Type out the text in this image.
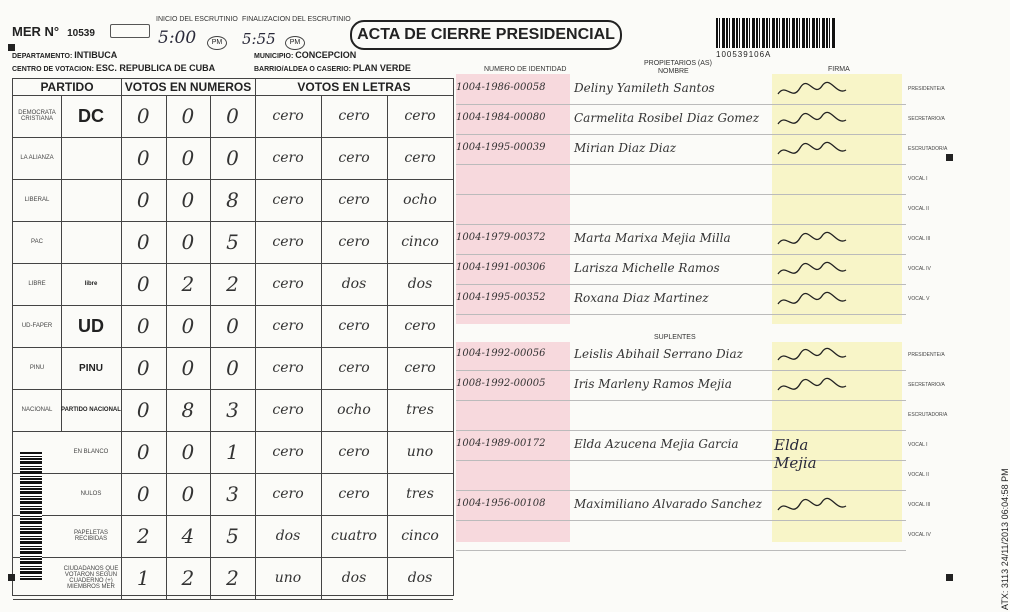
MER N° 10539
INICIO DEL ESCRUTINIO
5:00	PM
FINALIZACION DEL ESCRUTINIO
5:55	PM
DEPARTAMENTO: INTIBUCA	MUNICIPIO: CONCEPCION
CENTRO DE VOTACION: ESC. REPUBLICA DE CUBA	BARRIO/ALDEA O CASERIO: PLAN VERDE
ACTA DE CIERRE PRESIDENCIAL
100539106A
PARTIDO	VOTOS EN NUMEROS	VOTOS EN LETRAS
DEMOCRATA CRISTIANA	DC 0 0 0 cero cero cero
LA ALIANZA	0 0 0 cero cero cero
LIBERAL	0 0 8 cero cero ocho
PAC	0 0 5 cero cero cinco
LIBRE	libre 0 2 2 cero	dos	dos
UD-FAPER UD 0 0 0 cero cero cero
PINU	PINU 0 0 0 cero cero cero
NACIONAL PARTIDO NACIONAL 0 8 3 cero ocho	tres
EN BLANCO 0 0 1 cero cero	uno
NULOS 0 0 3 cero cero	tres
PAPELETAS RECIBIDAS	2 4 5	dos cuatro cinco
CIUDADANOS QUE VOTARON SEGUN CUADERNO (+) MIEMBROS MER	1 2 2	uno	dos	dos
NUMERO DE IDENTIDAD
PROPIETARIOS (AS)
NOMBRE	FIRMA
SUPLENTES
1004-1986-00058 Deliny Yamileth Santos	PRESIDENTE/A
1004-1984-00080 Carmelita Rosibel Diaz Gomez	SECRETARIO/A
1004-1995-00039 Mirian Diaz Diaz	ESCRUTADOR/A
VOCAL I
VOCAL II
1004-1979-00372 Marta Marixa Mejia Milla	VOCAL III
1004-1991-00306 Larisza Michelle Ramos	VOCAL IV
1004-1995-00352 Roxana Diaz Martinez	VOCAL V
1004-1992-00056 Leislis Abihail Serrano Diaz	PRESIDENTE/A
1008-1992-00005 Iris Marleny Ramos Mejia	SECRETARIO/A
ESCRUTADOR/A
1004-1989-00172 Elda Azucena Mejia Garcia Elda Mejia
VOCAL I
VOCAL II
1004-1956-00108 Maximiliano Alvarado Sanchez	VOCAL III
VOCAL IV	ATX: 3113 24/11/2013 06:04:58 PM
